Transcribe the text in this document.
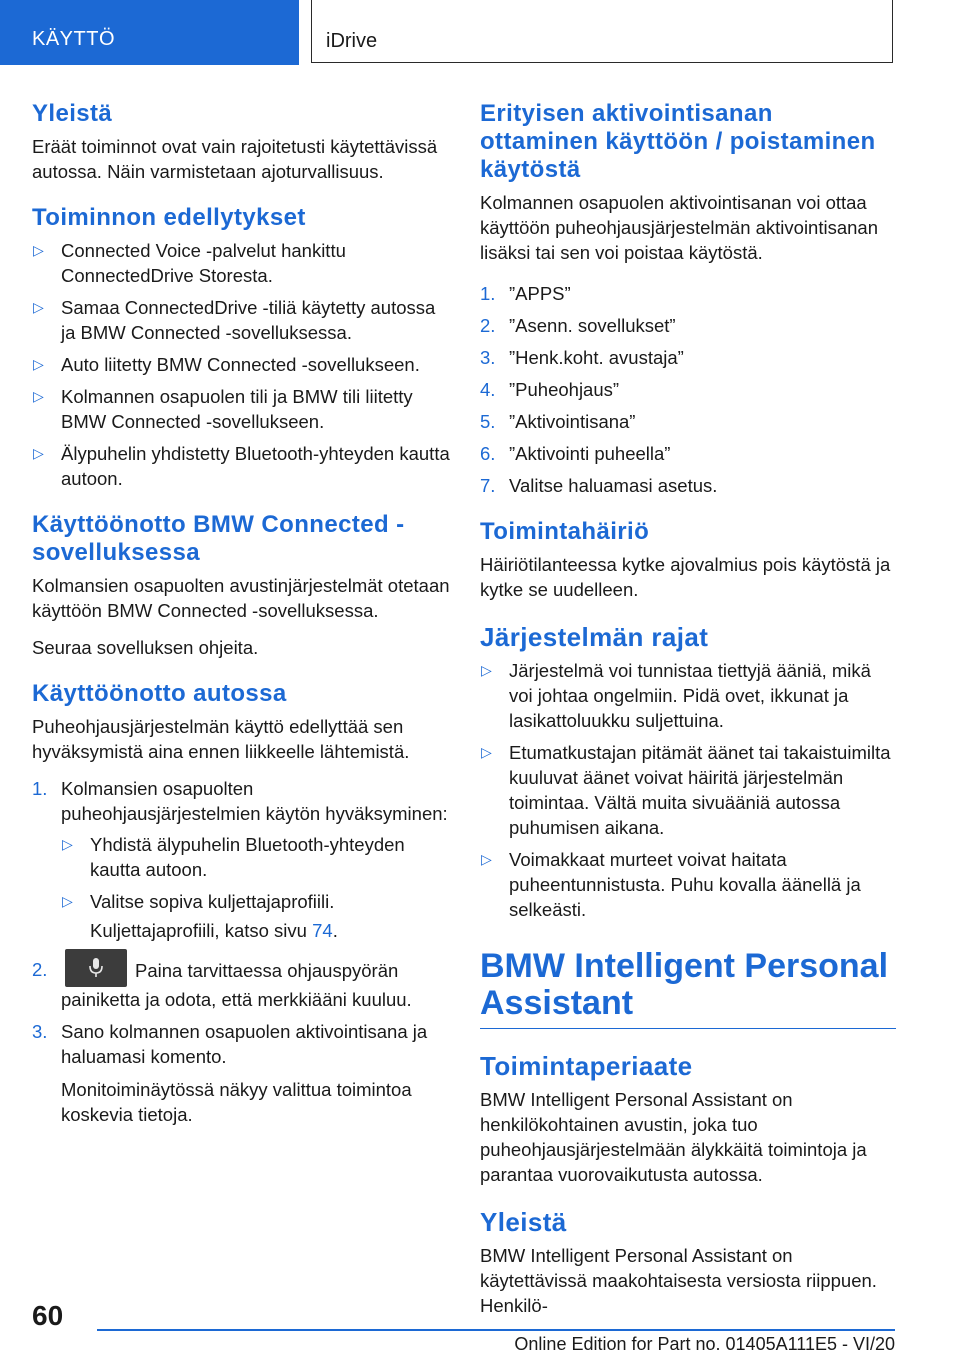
KÄYTTÖ	iDrive
Yleistä

Eräät toiminnot ovat vain rajoitetusti käytettävissä autossa. Näin varmistetaan ajoturvallisuus.

Toiminnon edellytykset
▷ Connected Voice -palvelut hankittu ConnectedDrive Storesta.
▷ Samaa ConnectedDrive -tiliä käytetty autossa ja BMW Connected -sovelluksessa.
▷ Auto liitetty BMW Connected -sovellukseen.
▷ Kolmannen osapuolen tili ja BMW tili liitetty BMW Connected -sovellukseen.
▷ Älypuhelin yhdistetty Bluetooth-yhteyden kautta autoon.
Käyttöönotto BMW Connected -sovelluksessa

Kolmansien osapuolten avustinjärjestelmät otetaan käyttöön BMW Connected -sovelluksessa.

Seuraa sovelluksen ohjeita.

Käyttöönotto autossa

Puheohjausjärjestelmän käyttö edellyttää sen hyväksymistä aina ennen liikkeelle lähtemistä.

1. Kolmansien osapuolten puheohjausjärjestelmien käytön hyväksyminen:
▷ Yhdistä älypuhelin Bluetooth-yhteyden kautta autoon.
▷ Valitse sopiva kuljettajaprofiili.
Kuljettajaprofiili, katso sivu 74.
2.	Paina tarvittaessa ohjauspyörän painiketta ja odota, että merkkiääni kuuluu.
3. Sano kolmannen osapuolen aktivointisana ja haluamasi komento.
Monitoiminäytössä näkyy valittua toimintoa koskevia tietoja.
Erityisen aktivointisanan ottaminen käyttöön / poistaminen käytöstä

Kolmannen osapuolen aktivointisanan voi ottaa käyttöön puheohjausjärjestelmän aktivointisanan lisäksi tai sen voi poistaa käytöstä.

1. ”APPS”
2. ”Asenn. sovellukset”
3. ”Henk.koht. avustaja”
4. ”Puheohjaus”
5. ”Aktivointisana”
6. ”Aktivointi puheella”
7. Valitse haluamasi asetus.
Toimintahäiriö

Häiriötilanteessa kytke ajovalmius pois käytöstä ja kytke se uudelleen.

Järjestelmän rajat
▷ Järjestelmä voi tunnistaa tiettyjä ääniä, mikä voi johtaa ongelmiin. Pidä ovet, ikkunat ja lasikattoluukku suljettuina.
▷ Etumatkustajan pitämät äänet tai takaistuimilta kuuluvat äänet voivat häiritä järjestelmän toimintaa. Vältä muita sivuääniä autossa puhumisen aikana.
▷ Voimakkaat murteet voivat haitata puheentunnistusta. Puhu kovalla äänellä ja selkeästi.
BMW Intelligent Personal Assistant
Toimintaperiaate

BMW Intelligent Personal Assistant on henkilökohtainen avustin, joka tuo puheohjausjärjestelmään älykkäitä toimintoja ja parantaa vuorovaikutusta autossa.

Yleistä

BMW Intelligent Personal Assistant on käytettävissä maakohtaisesta versiosta riippuen. Henkilö-

60
Online Edition for Part no. 01405A111E5 - VI/20
